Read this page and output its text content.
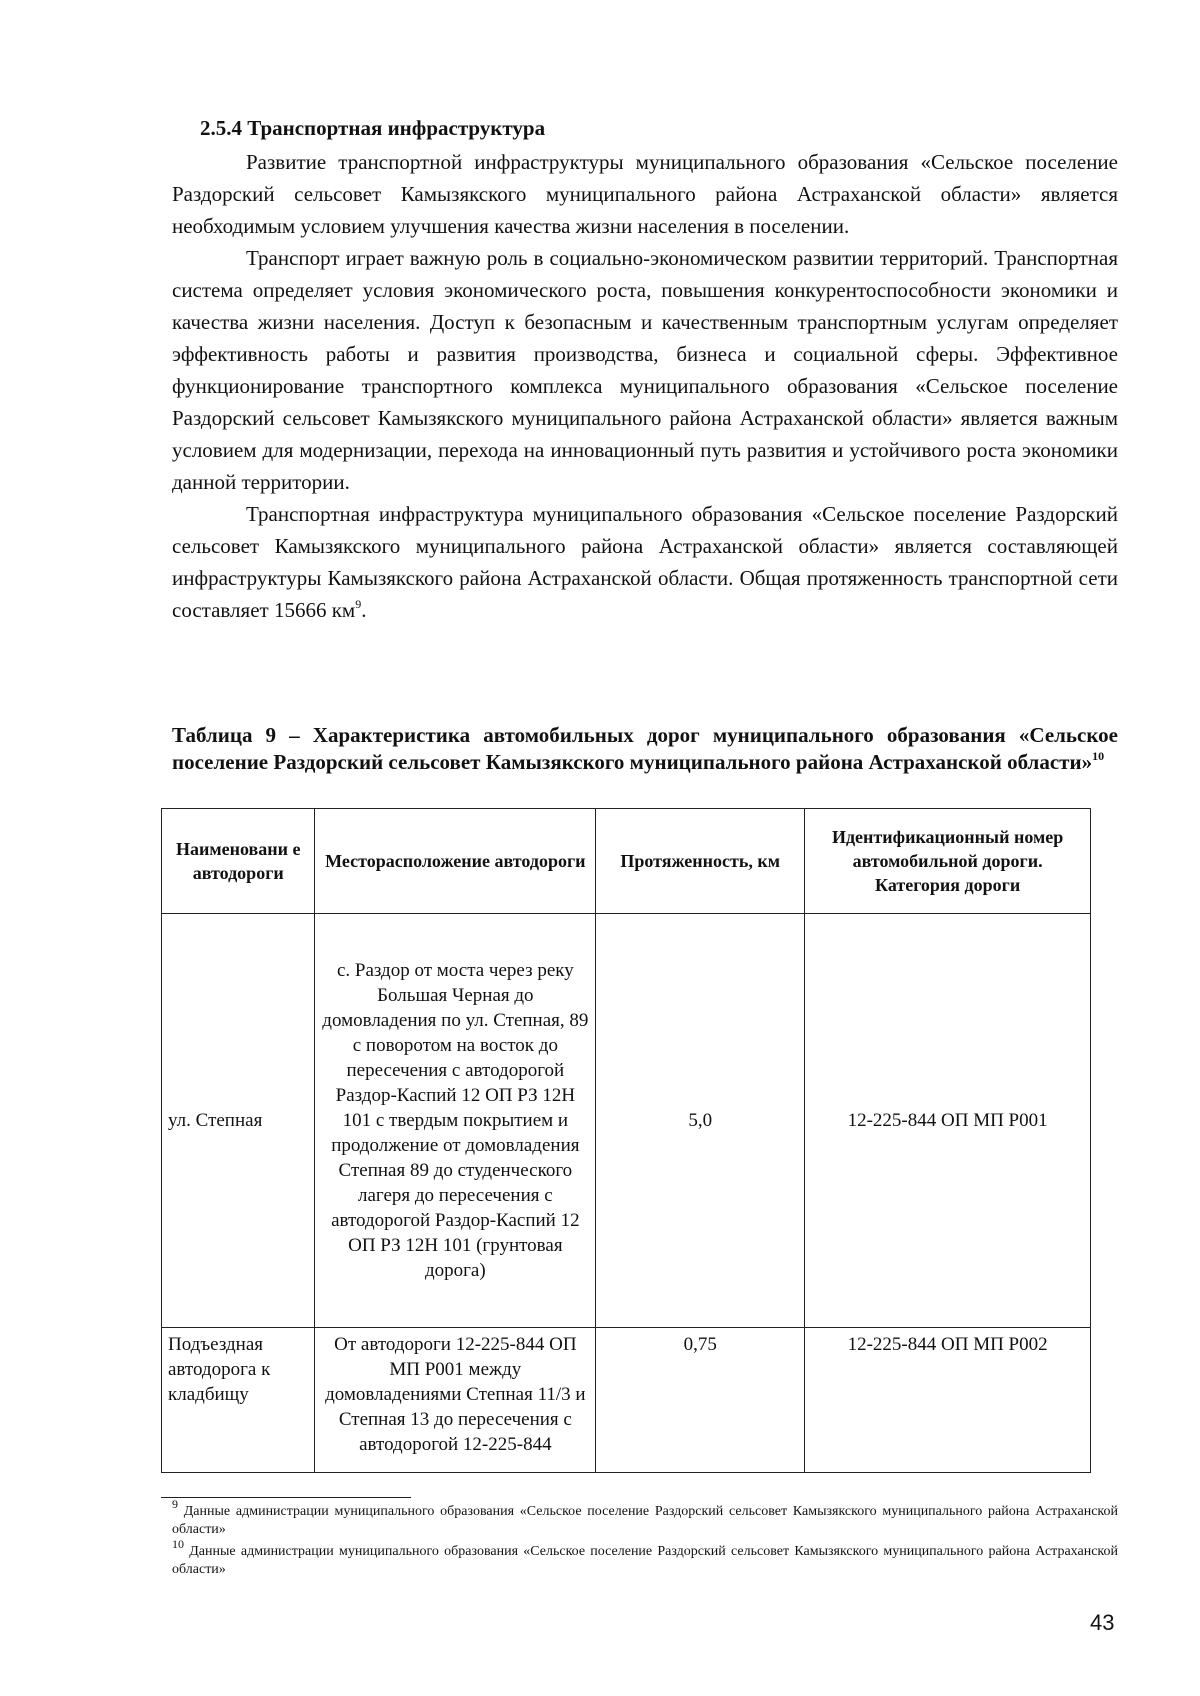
2.5.4 Транспортная инфраструктура

Развитие транспортной инфраструктуры муниципального образования «Сельское поселение Раздорский сельсовет Камызякского муниципального района Астраханской области» является необходимым условием улучшения качества жизни населения в поселении.

Транспорт играет важную роль в социально-экономическом развитии территорий. Транспортная система определяет условия экономического роста, повышения конкурентоспособности экономики и качества жизни населения. Доступ к безопасным и качественным транспортным услугам определяет эффективность работы и развития производства, бизнеса и социальной сферы. Эффективное функционирование транспортного комплекса муниципального образования «Сельское поселение Раздорский сельсовет Камызякского муниципального района Астраханской области» является важным условием для модернизации, перехода на инновационный путь развития и устойчивого роста экономики данной территории.

Транспортная инфраструктура муниципального образования «Сельское поселение Раздорский сельсовет Камызякского муниципального района Астраханской области» является составляющей инфраструктуры Камызякского района Астраханской области. Общая протяженность транспортной сети составляет 15666 $км^9$.

Таблица 9 – Характеристика автомобильных дорог муниципального образования «Сельское поселение Раздорский сельсовет Камызякского муниципального района Астраханской области»$^{10}$

Наименовани е автодороги	Месторасположение автодороги	Протяженность, км	Идентификационный номер автомобильной дороги. Категория дороги
ул. Степная	с. Раздор от моста через реку Большая Черная до домовладения по ул. Степная, 89 с поворотом на восток до пересечения с автодорогой Раздор-Каспий 12 ОП РЗ 12Н 101 с твердым покрытием и продолжение от домовладения Степная 89 до студенческого лагеря до пересечения с автодорогой Раздор-Каспий 12 ОП РЗ 12Н 101 (грунтовая дорога)	5,0	12-225-844 ОП МП Р001
Подъездная автодорога к кладбищу	От автодороги 12-225-844 ОП МП Р001 между домовладениями Степная 11/3 и Степная 13 до пересечения с автодорогой 12-225-844	0,75	12-225-844 ОП МП Р002

$^9$ Данные администрации муниципального образования «Сельское поселение Раздорский сельсовет Камызякского муниципального района Астраханской области»

$^{10}$ Данные администрации муниципального образования «Сельское поселение Раздорский сельсовет Камызякского муниципального района Астраханской области»

43
